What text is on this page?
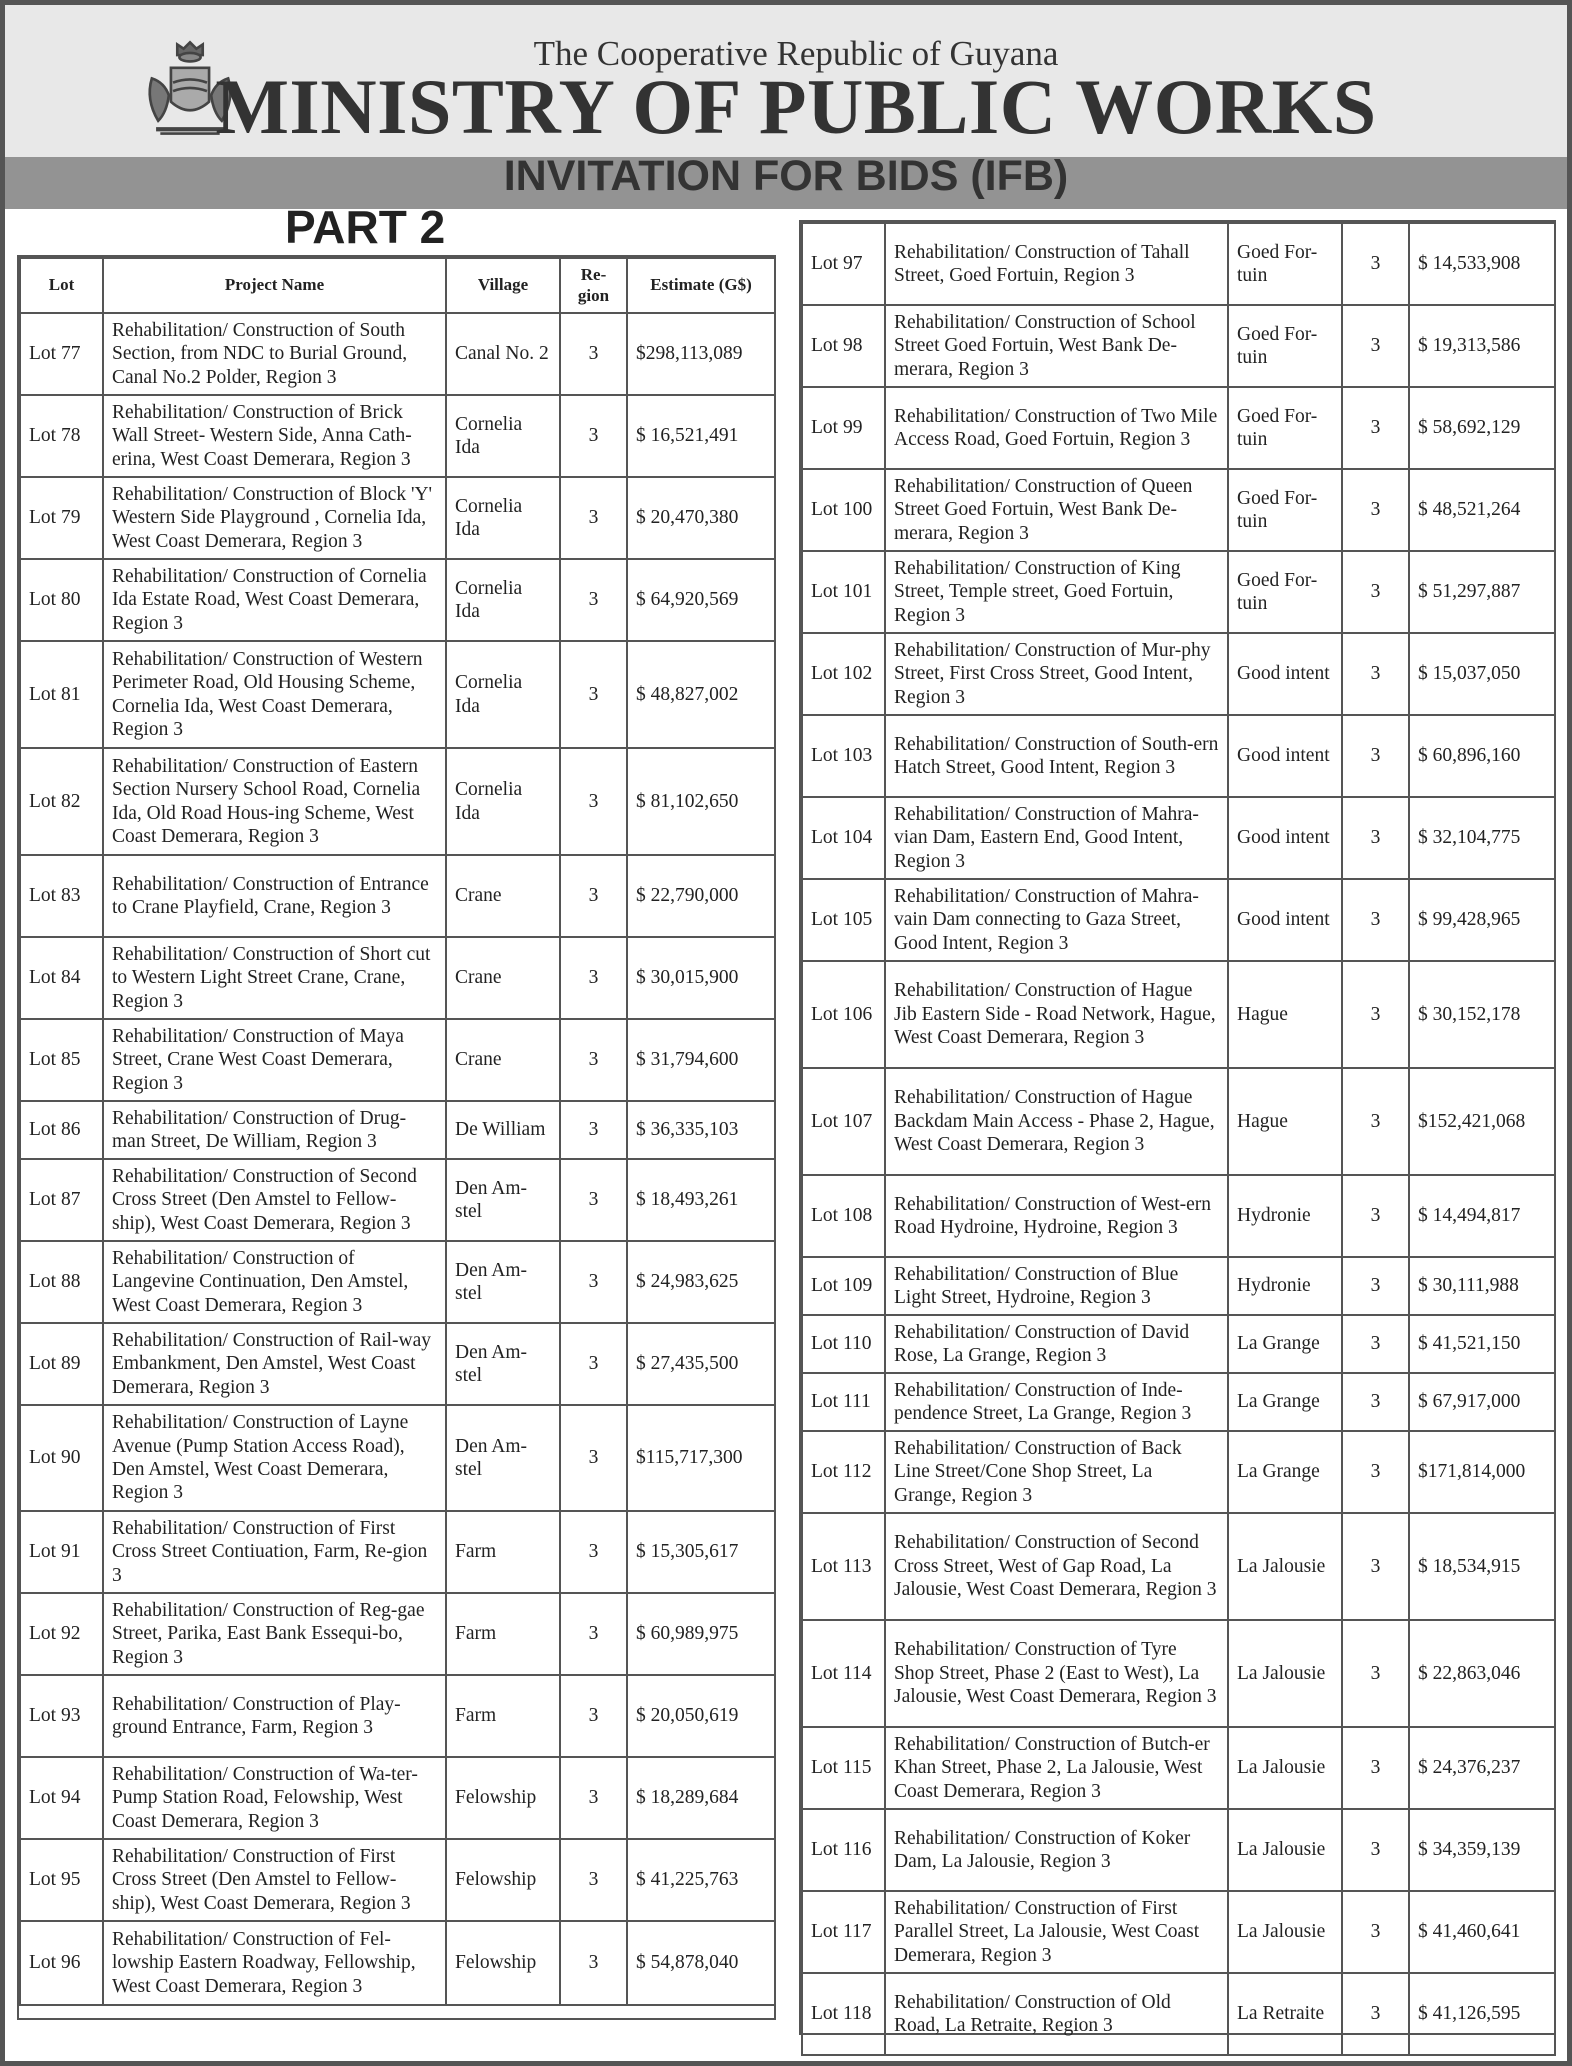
The Cooperative Republic of Guyana
MINISTRY OF PUBLIC WORKS
INVITATION FOR BIDS (IFB)
PART 2
Lot	Project Name	Village	Re-gion	Estimate (G$)
Lot 77	Rehabilitation/ Construction of South Section, from NDC to Burial Ground, Canal No.2 Polder, Region 3	Canal No. 2	3	$298,113,089
Lot 78	Rehabilitation/ Construction of Brick Wall Street- Western Side, Anna Cath-erina, West Coast Demerara, Region 3	Cornelia Ida	3	$ 16,521,491
Lot 79	Rehabilitation/ Construction of Block 'Y' Western Side Playground , Cornelia Ida, West Coast Demerara, Region 3	Cornelia Ida	3	$ 20,470,380
Lot 80	Rehabilitation/ Construction of Cornelia Ida Estate Road, West Coast Demerara, Region 3	Cornelia Ida	3	$ 64,920,569
Lot 81	Rehabilitation/ Construction of Western Perimeter Road, Old Housing Scheme, Cornelia Ida, West Coast Demerara, Region 3	Cornelia Ida	3	$ 48,827,002
Lot 82	Rehabilitation/ Construction of Eastern Section Nursery School Road, Cornelia Ida, Old Road Hous-ing Scheme, West Coast Demerara, Region 3	Cornelia Ida	3	$ 81,102,650
Lot 83	Rehabilitation/ Construction of Entrance to Crane Playfield, Crane, Region 3	Crane	3	$ 22,790,000
Lot 84	Rehabilitation/ Construction of Short cut to Western Light Street Crane, Crane, Region 3	Crane	3	$ 30,015,900
Lot 85	Rehabilitation/ Construction of Maya Street, Crane West Coast Demerara, Region 3	Crane	3	$ 31,794,600
Lot 86	Rehabilitation/ Construction of Drug-man Street, De William, Region 3	De William	3	$ 36,335,103
Lot 87	Rehabilitation/ Construction of Second Cross Street (Den Amstel to Fellow-ship), West Coast Demerara, Region 3	Den Am-stel	3	$ 18,493,261
Lot 88	Rehabilitation/ Construction of Langevine Continuation, Den Amstel, West Coast Demerara, Region 3	Den Am-stel	3	$ 24,983,625
Lot 89	Rehabilitation/ Construction of Rail-way Embankment, Den Amstel, West Coast Demerara, Region 3	Den Am-stel	3	$ 27,435,500
Lot 90	Rehabilitation/ Construction of Layne Avenue (Pump Station Access Road), Den Amstel, West Coast Demerara, Region 3	Den Am-stel	3	$115,717,300
Lot 91	Rehabilitation/ Construction of First Cross Street Contiuation, Farm, Re-gion 3	Farm	3	$ 15,305,617
Lot 92	Rehabilitation/ Construction of Reg-gae Street, Parika, East Bank Essequi-bo, Region 3	Farm	3	$ 60,989,975
Lot 93	Rehabilitation/ Construction of Play-ground Entrance, Farm, Region 3	Farm	3	$ 20,050,619
Lot 94	Rehabilitation/ Construction of Wa-ter-Pump Station Road, Felowship, West Coast Demerara, Region 3	Felowship	3	$ 18,289,684
Lot 95	Rehabilitation/ Construction of First Cross Street (Den Amstel to Fellow-ship), West Coast Demerara, Region 3	Felowship	3	$ 41,225,763
Lot 96	Rehabilitation/ Construction of Fel-lowship Eastern Roadway, Fellowship, West Coast Demerara, Region 3	Felowship	3	$ 54,878,040
Lot 97	Rehabilitation/ Construction of Tahall Street, Goed Fortuin, Region 3	Goed For-tuin	3	$ 14,533,908
Lot 98	Rehabilitation/ Construction of School Street Goed Fortuin, West Bank De-merara, Region 3	Goed For-tuin	3	$ 19,313,586
Lot 99	Rehabilitation/ Construction of Two Mile Access Road, Goed Fortuin, Region 3	Goed For-tuin	3	$ 58,692,129
Lot 100	Rehabilitation/ Construction of Queen Street Goed Fortuin, West Bank De-merara, Region 3	Goed For-tuin	3	$ 48,521,264
Lot 101	Rehabilitation/ Construction of King Street, Temple street, Goed Fortuin, Region 3	Goed For-tuin	3	$ 51,297,887
Lot 102	Rehabilitation/ Construction of Mur-phy Street, First Cross Street, Good Intent, Region 3	Good intent	3	$ 15,037,050
Lot 103	Rehabilitation/ Construction of South-ern Hatch Street, Good Intent, Region 3	Good intent	3	$ 60,896,160
Lot 104	Rehabilitation/ Construction of Mahra-vian Dam, Eastern End, Good Intent, Region 3	Good intent	3	$ 32,104,775
Lot 105	Rehabilitation/ Construction of Mahra-vain Dam connecting to Gaza Street, Good Intent, Region 3	Good intent	3	$ 99,428,965
Lot 106	Rehabilitation/ Construction of Hague Jib Eastern Side - Road Network, Hague, West Coast Demerara, Region 3	Hague	3	$ 30,152,178
Lot 107	Rehabilitation/ Construction of Hague Backdam Main Access - Phase 2, Hague, West Coast Demerara, Region 3	Hague	3	$152,421,068
Lot 108	Rehabilitation/ Construction of West-ern Road Hydroine, Hydroine, Region 3	Hydronie	3	$ 14,494,817
Lot 109	Rehabilitation/ Construction of Blue Light Street, Hydroine, Region 3	Hydronie	3	$ 30,111,988
Lot 110	Rehabilitation/ Construction of David Rose, La Grange, Region 3	La Grange	3	$ 41,521,150
Lot 111	Rehabilitation/ Construction of Inde-pendence Street, La Grange, Region 3	La Grange	3	$ 67,917,000
Lot 112	Rehabilitation/ Construction of Back Line Street/Cone Shop Street, La Grange, Region 3	La Grange	3	$171,814,000
Lot 113	Rehabilitation/ Construction of Second Cross Street, West of Gap Road, La Jalousie, West Coast Demerara, Region 3	La Jalousie	3	$ 18,534,915
Lot 114	Rehabilitation/ Construction of Tyre Shop Street, Phase 2 (East to West), La Jalousie, West Coast Demerara, Region 3	La Jalousie	3	$ 22,863,046
Lot 115	Rehabilitation/ Construction of Butch-er Khan Street, Phase 2, La Jalousie, West Coast Demerara, Region 3	La Jalousie	3	$ 24,376,237
Lot 116	Rehabilitation/ Construction of Koker Dam, La Jalousie, Region 3	La Jalousie	3	$ 34,359,139
Lot 117	Rehabilitation/ Construction of First Parallel Street, La Jalousie, West Coast Demerara, Region 3	La Jalousie	3	$ 41,460,641
Lot 118	Rehabilitation/ Construction of Old Road, La Retraite, Region 3	La Retraite	3	$ 41,126,595
